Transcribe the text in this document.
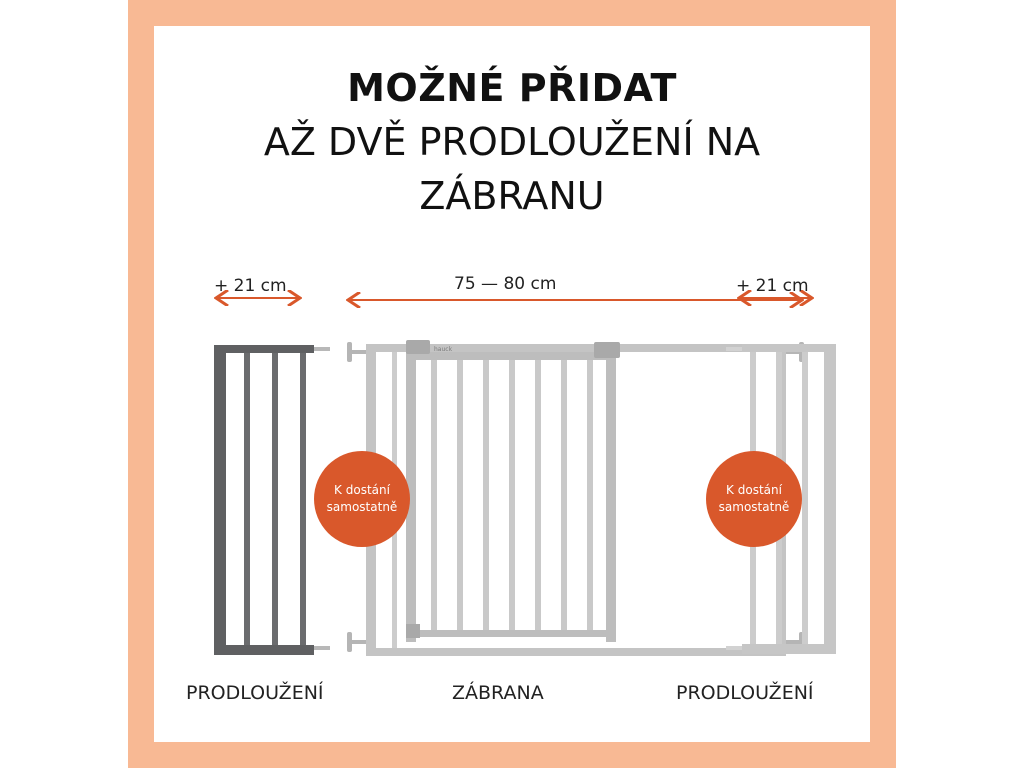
MOŽNÉ PŘIDAT
AŽ DVĚ PRODLOUŽENÍ NA
ZÁBRANU
hauck
+ 21 cm	75 — 80 cm	+ 21 cm
K dostání
samostatně
K dostání
samostatně
PRODLOUŽENÍ	ZÁBRANA	PRODLOUŽENÍ
